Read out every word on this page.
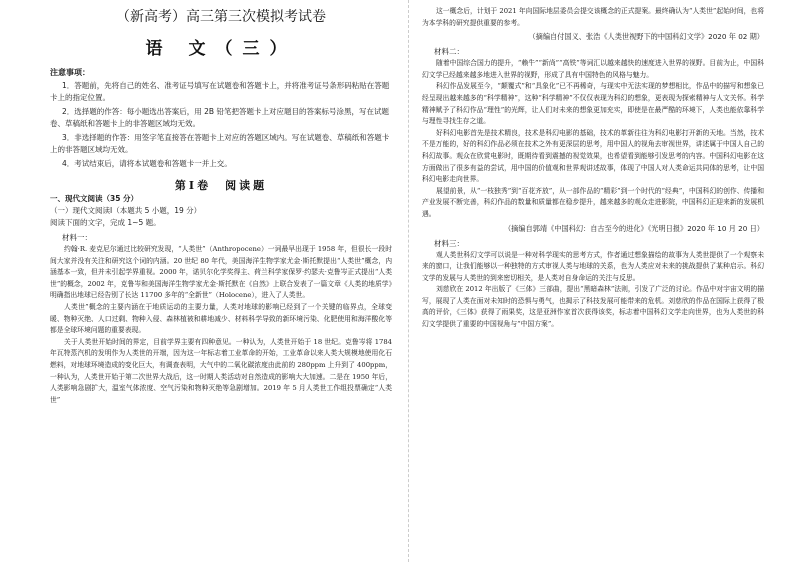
（新高考）高三第三次模拟考试卷
语 文（三）
注意事项：
1．答题前，先将自己的姓名、准考证号填写在试题卷和答题卡上，并将准考证号条形码粘贴在答题卡上的指定位置。
2．选择题的作答：每小题选出答案后，用 2B 铅笔把答题卡上对应题目的答案标号涂黑，写在试题卷、草稿纸和答题卡上的非答题区域均无效。
3．非选择题的作答：用签字笔直接答在答题卡上对应的答题区域内。写在试题卷、草稿纸和答题卡上的非答题区域均无效。
4．考试结束后，请将本试题卷和答题卡一并上交。
第Ⅰ卷　阅读题
一、现代文阅读（35 分）
（一）现代文阅读Ⅰ（本题共 5 小题，19 分）
阅读下面的文字，完成 1~5 题。
材料一：
约翰·R. 麦克尼尔通过比较研究发现，“人类世”（Anthropocene）一词最早出现于 1958 年，但很长一段时间大家并没有关注和研究这个词的内涵。20 世纪 80 年代，美国海洋生物学家尤金·斯托默提出“人类世”概念，内涵基本一致，但并未引起学界重视。2000 年，诺贝尔化学奖得主、荷兰科学家保罗·约瑟夫·克鲁岑正式提出“人类世”的概念，2002 年，克鲁岑和美国海洋生物学家尤金·斯托默在《自然》上联合发表了一篇文章《人类的地质学》明确指出地球已经告别了长达 11700 多年的“全新世”（Holocene），进入了人类世。
人类世”概念的主要内涵在于地质运动的主要力量，人类对地球的影响已经到了一个关键的临界点，全球变暖、物种灭绝、人口过剩、物种入侵、森林植被和耕地减少、材料科学导致的新环境污染、化肥使用和海洋酸化等都是全球环境问题的重要表现。
关于人类世开始时间的界定，目前学界主要有四种意见。一种认为，人类世开始于 18 世纪。克鲁岑将 1784 年瓦特蒸汽机的发明作为人类世的开端，因为这一年标志着工业革命的开始，工业革命以来人类大规模地使用化石燃料，对地球环境造成的变化巨大，有调查表明，大气中的二氧化碳浓度由此前的 280ppm 上升到了 400ppm，一种认为，人类世开始于第二次世界大战后，这一时期人类活动对自然造成的影响大大加速。二是在 1950 年后，人类影响急剧扩大，温室气体浓度、空气污染和物种灭绝等急剧增加。2019 年 5 月人类世工作组投票确定“人类世”
这一概念后，计划于 2021 年向国际地层委员会提交该概念的正式提案。最终确认为“人类世”起始时间，也将为本学科的研究提供重要的参考。
（摘编自付国义、张浩《人类世视野下的中国科幻文学》2020 年 02 期）
材料二：
随着中国综合国力的提升，“赖牛”“新尚”“高铁”等词汇以越来越快的速度进入世界的视野。目前为止，中国科幻文学已经越来越多地进入世界的视野，形成了具有中国特色的风格与魅力。
科幻作品发展至今，“颠覆式”和“具象化”已不再稀奇，与现实中无法实现的梦想相比，作品中的描写和想象已经呈现出越来越多的“科学精神”，这种“科学精神”不仅仅表现为科幻的想象，更表现为探索精神与人文关怀。科学精神赋予了科幻作品“理性”的光辉，让人们对未来的想象更加充实，即使是在最严酷的环境下，人类也能依靠科学与理性寻找生存之道。
好科幻电影首先是技术精良，技术是科幻电影的基础，技术的革新往往为科幻电影打开新的天地。当然，技术不是万能的，好的科幻作品必须在技术之外有更深层的思考，用中国人的视角去审视世界，讲述属于中国人自己的科幻故事。观众在欣赏电影时，既期待看到震撼的视觉效果，也希望看到能够引发思考的内容。中国科幻电影在这方面做出了很多有益的尝试，用中国的价值观和世界观讲述故事，体现了中国人对人类命运共同体的思考，让中国科幻电影走向世界。
展望前景，从“一枝独秀”到“百花齐放”，从一部作品的“精彩”到一个时代的“经典”，中国科幻的创作、传播和产业发展不断完善，科幻作品的数量和质量都在稳步提升，越来越多的观众走进影院，中国科幻正迎来新的发展机遇。
（摘编自郭靖《中国科幻：自古至今的进化》《光明日报》2020 年 10 月 20 日）
材料三：
观人类世科幻文学可以说是一种对科学现实的思考方式，作者通过想象描绘的故事为人类世提供了一个观察未来的窗口，让我们能够以一种独特的方式审视人类与地球的关系，也为人类应对未来的挑战提供了某种启示。科幻文学的发展与人类世的到来密切相关，是人类对自身命运的关注与反思。
刘慈欣在 2012 年出版了《三体》三部曲，提出“黑暗森林”法则，引发了广泛的讨论。作品中对宇宙文明的描写，展现了人类在面对未知时的恐惧与勇气，也揭示了科技发展可能带来的危机。刘慈欣的作品在国际上获得了极高的评价，《三体》获得了雨果奖，这是亚洲作家首次获得该奖，标志着中国科幻文学走向世界，也为人类世的科幻文学提供了重要的中国视角与“中国方案”。
